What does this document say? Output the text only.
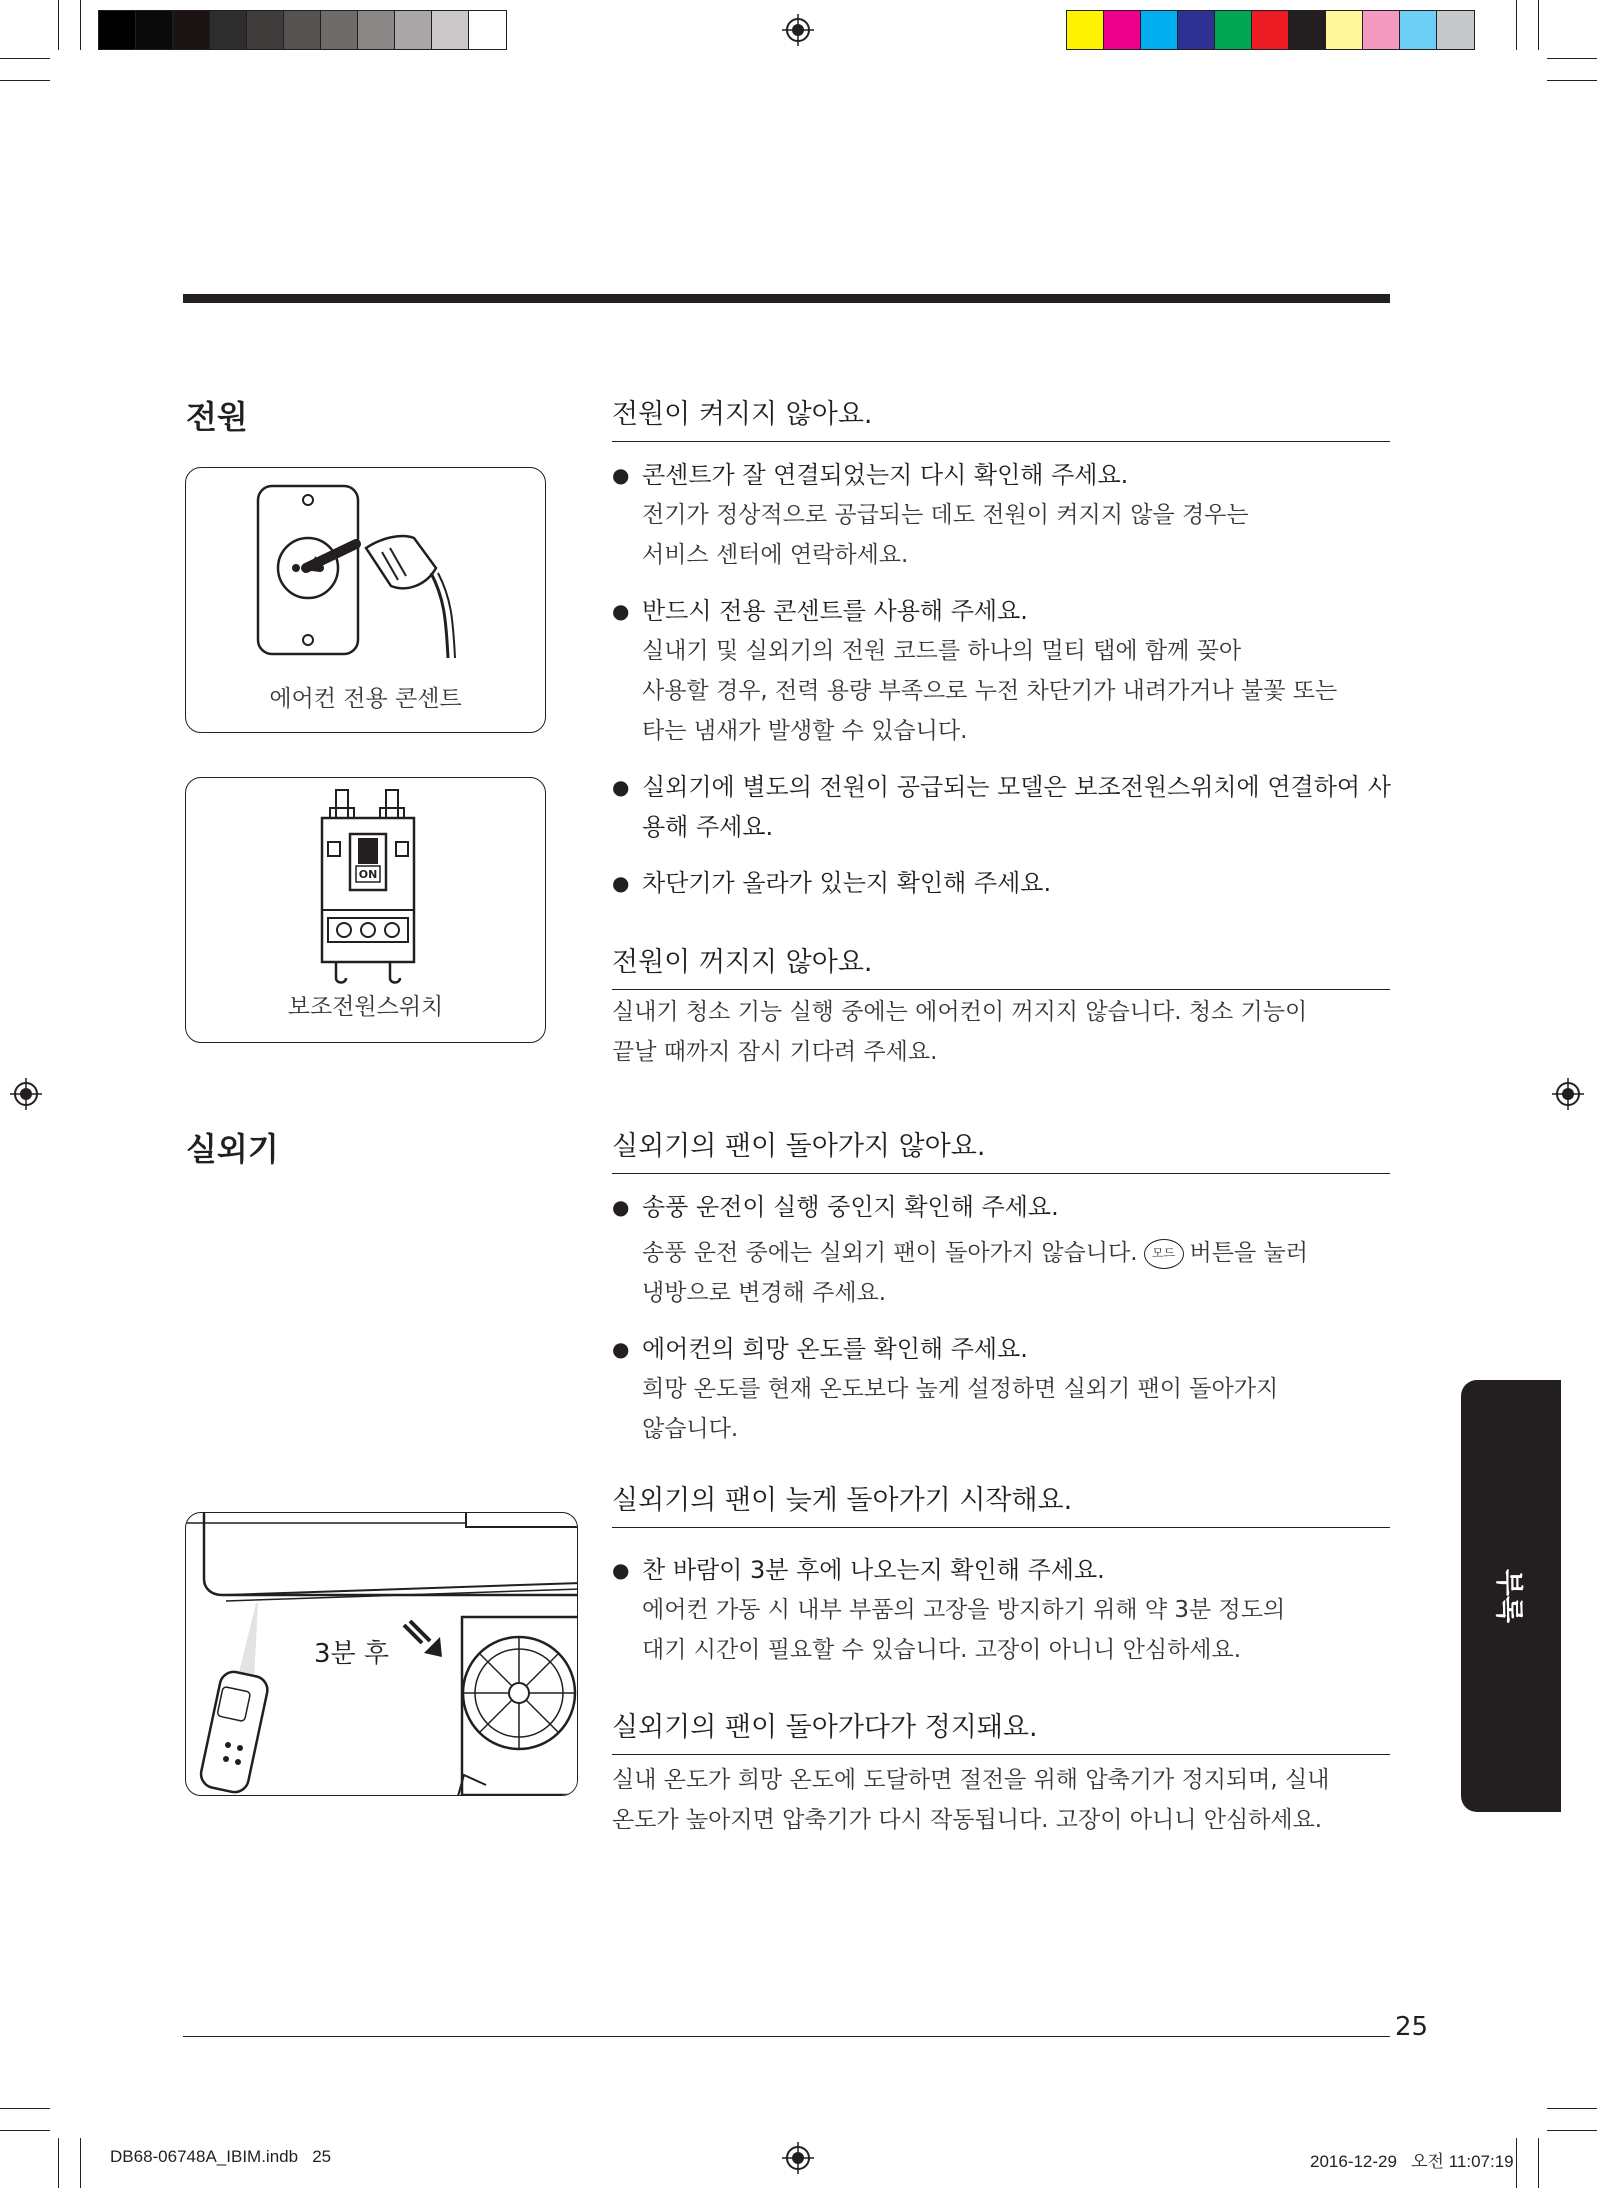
전원
실외기
에어컨 전용 콘센트
ON
보조전원스위치
3분 후
전원이 켜지지 않아요.
● 콘센트가 잘 연결되었는지 다시 확인해 주세요.
전기가 정상적으로 공급되는 데도 전원이 켜지지 않을 경우는
서비스 센터에 연락하세요.
● 반드시 전용 콘센트를 사용해 주세요.
실내기 및 실외기의 전원 코드를 하나의 멀티 탭에 함께 꽂아
사용할 경우, 전력 용량 부족으로 누전 차단기가 내려가거나 불꽃 또는
타는 냄새가 발생할 수 있습니다.
● 실외기에 별도의 전원이 공급되는 모델은 보조전원스위치에 연결하여 사용해 주세요.
● 차단기가 올라가 있는지 확인해 주세요.
전원이 꺼지지 않아요.
실내기 청소 기능 실행 중에는 에어컨이 꺼지지 않습니다. 청소 기능이
끝날 때까지 잠시 기다려 주세요.
실외기의 팬이 돌아가지 않아요.
● 송풍 운전이 실행 중인지 확인해 주세요.
송풍 운전 중에는 실외기 팬이 돌아가지 않습니다. 모드 버튼을 눌러
냉방으로 변경해 주세요.
● 에어컨의 희망 온도를 확인해 주세요.
희망 온도를 현재 온도보다 높게 설정하면 실외기 팬이 돌아가지
않습니다.
실외기의 팬이 늦게 돌아가기 시작해요.
● 찬 바람이 3분 후에 나오는지 확인해 주세요.
에어컨 가동 시 내부 부품의 고장을 방지하기 위해 약 3분 정도의
대기 시간이 필요할 수 있습니다. 고장이 아니니 안심하세요.
실외기의 팬이 돌아가다가 정지돼요.
실내 온도가 희망 온도에 도달하면 절전을 위해 압축기가 정지되며, 실내
온도가 높아지면 압축기가 다시 작동됩니다. 고장이 아니니 안심하세요.
부록
25
DB68-06748A_IBIM.indb   25	2016-12-29   오전 11:07:19
